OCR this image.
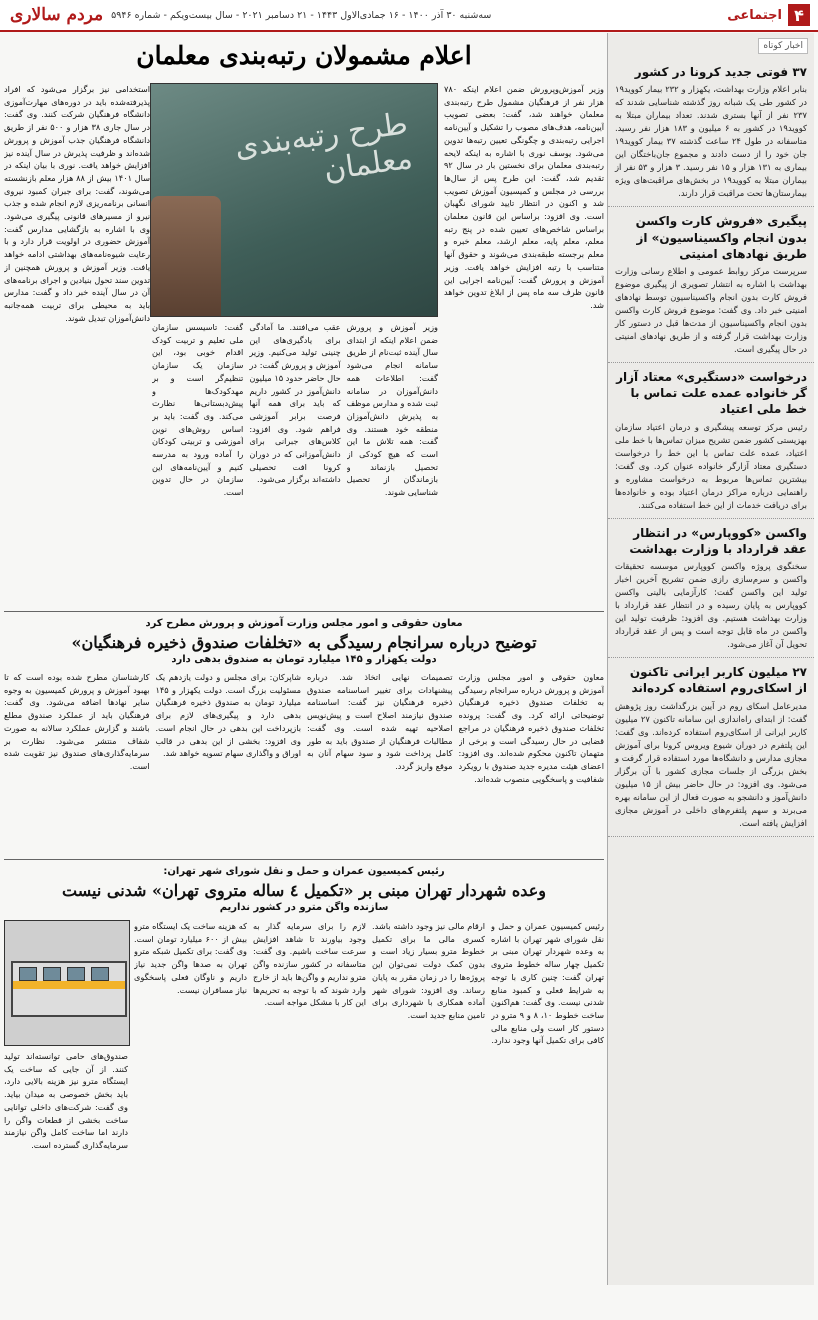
۴
اجتماعی
سه‌شنبه ۳۰ آذر ۱۴۰۰ - ۱۶ جمادی‌الاول ۱۴۴۳ - ۲۱ دسامبر ۲۰۲۱ - سال بیست‌ویکم - شماره ۵۹۴۶
مردم سالاری
اخبار کوتاه
۳۷ فوتی جدید کرونا در کشور
بنابر اعلام وزارت بهداشت، یکهزار و ۲۳۲ بیمار کووید۱۹ در کشور طی یک شبانه روز گذشته شناسایی شدند که ۲۳۷ نفر از آنها بستری شدند. تعداد بیماران مبتلا به کووید۱۹ در کشور به ۶ میلیون و ۱۸۳ هزار نفر رسید. متاسفانه در طول ۲۴ ساعت گذشته ۳۷ بیمار کووید۱۹ جان خود را از دست دادند و مجموع جان‌باختگان این بیماری به ۱۳۱ هزار و ۱۵ نفر رسید. ۳ هزار و ۵۳ نفر از بیماران مبتلا به کووید۱۹ در بخش‌های مراقبت‌های ویژه بیمارستان‌ها تحت مراقبت قرار دارند.
پیگیری «فروش کارت واکسن بدون انجام واکسیناسیون» از طریق نهادهای امنیتی
سرپرست مرکز روابط عمومی و اطلاع رسانی وزارت بهداشت با اشاره به انتشار تصویری از پیگیری موضوع فروش کارت بدون انجام واکسیناسیون توسط نهادهای امنیتی خبر داد. وی گفت: موضوع فروش کارت واکسن بدون انجام واکسیناسیون از مدت‌ها قبل در دستور کار وزارت بهداشت قرار گرفته و از طریق نهادهای امنیتی در حال پیگیری است.
درخواست «دستگیری» معتاد آزار گر خانواده عمده علت تماس با خط ملی اعتیاد
رئیس مرکز توسعه پیشگیری و درمان اعتیاد سازمان بهزیستی کشور ضمن تشریح میزان تماس‌ها با خط ملی اعتیاد، عمده علت تماس با این خط را درخواست دستگیری معتاد آزارگر خانواده عنوان کرد. وی گفت: بیشترین تماس‌ها مربوط به درخواست مشاوره و راهنمایی درباره مراکز درمان اعتیاد بوده و خانواده‌ها برای دریافت خدمات از این خط استفاده می‌کنند.
واکسن «کووپارس» در انتظار عقد قرارداد با وزارت بهداشت
سخنگوی پروژه واکسن کووپارس موسسه تحقیقات واکسن و سرم‌سازی رازی ضمن تشریح آخرین اخبار تولید این واکسن گفت: کارآزمایی بالینی واکسن کووپارس به پایان رسیده و در انتظار عقد قرارداد با وزارت بهداشت هستیم. وی افزود: ظرفیت تولید این واکسن در ماه قابل توجه است و پس از عقد قرارداد تحویل آن آغاز می‌شود.
۲۷ میلیون کاربر ایرانی تاکنون از اسکای‌روم استفاده کرده‌اند
مدیرعامل اسکای روم در آیین بزرگداشت روز پژوهش گفت: از ابتدای راه‌اندازی این سامانه تاکنون ۲۷ میلیون کاربر ایرانی از اسکای‌روم استفاده کرده‌اند. وی گفت: این پلتفرم در دوران شیوع ویروس کرونا برای آموزش مجازی مدارس و دانشگاه‌ها مورد استفاده قرار گرفت و بخش بزرگی از جلسات مجازی کشور با آن برگزار می‌شود. وی افزود: در حال حاضر بیش از ۱۵ میلیون دانش‌آموز و دانشجو به صورت فعال از این سامانه بهره می‌برند و سهم پلتفرم‌های داخلی در آموزش مجازی افزایش یافته است.
اعلام مشمولان رتبه‌بندی معلمان
وزیر آموزش‌وپرورش ضمن اعلام اینکه ۷۸۰ هزار نفر از فرهنگیان مشمول طرح رتبه‌بندی معلمان خواهند شد، گفت: بعضی تصویب آیین‌نامه، هدف‌های مصوب را تشکیل و آیین‌نامه اجرایی رتبه‌بندی و چگونگی تعیین رتبه‌ها تدوین می‌شود. یوسف نوری با اشاره به اینکه لایحه رتبه‌بندی معلمان برای نخستین بار در سال ۹۲ تقدیم شد، گفت: این طرح پس از سال‌ها بررسی در مجلس و کمیسیون آموزش تصویب شد و اکنون در انتظار تایید شورای نگهبان است. وی افزود: براساس این قانون معلمان براساس شاخص‌های تعیین شده در پنج رتبه معلم، معلم پایه، معلم ارشد، معلم خبره و معلم برجسته طبقه‌بندی می‌شوند و حقوق آنها متناسب با رتبه افزایش خواهد یافت. وزیر آموزش و پرورش گفت: آیین‌نامه اجرایی این قانون ظرف سه ماه پس از ابلاغ تدوین خواهد شد.
طرح رتبه‌بندی معلمان
وزیر آموزش و پرورش ضمن اعلام اینکه از ابتدای سال آینده ثبت‌نام از طریق سامانه انجام می‌شود گفت: اطلاعات همه دانش‌آموزان در سامانه ثبت شده و مدارس موظف به پذیرش دانش‌آموزان منطقه خود هستند. وی گفت: همه تلاش ما این است که هیچ کودکی از تحصیل بازنماند و بازماندگان از تحصیل شناسایی شوند.
عقب می‌افتند. ما آمادگی برای یادگیری‌های این چنینی تولید می‌کنیم. وزیر آموزش و پرورش گفت: در حال حاضر حدود ۱۵ میلیون دانش‌آموز در کشور داریم که باید برای همه آنها فرصت برابر آموزشی فراهم شود. وی افزود: کلاس‌های جبرانی برای دانش‌آموزانی که در دوران کرونا افت تحصیلی داشته‌اند برگزار می‌شود.
گفت: تاسیسس سازمان ملی تعلیم و تربیت کودک اقدام خوبی بود، این سازمان یک سازمان تنظیم‌گر است و بر مهدکودک‌ها و پیش‌دبستانی‌ها نظارت می‌کند. وی گفت: باید بر اساس روش‌های نوین آموزشی و تربیتی کودکان را آماده ورود به مدرسه کنیم و آیین‌نامه‌های این سازمان در حال تدوین است.
استخدامی نیز برگزار می‌شود که افراد پذیرفته‌شده باید در دوره‌های مهارت‌آموزی دانشگاه فرهنگیان شرکت کنند. وی گفت: در سال جاری ۳۸ هزار و ۵۰۰ نفر از طریق دانشگاه فرهنگیان جذب آموزش و پرورش شده‌اند و ظرفیت پذیرش در سال آینده نیز افزایش خواهد یافت. نوری با بیان اینکه در سال ۱۴۰۱ بیش از ۸۸ هزار معلم بازنشسته می‌شوند، گفت: برای جبران کمبود نیروی انسانی برنامه‌ریزی لازم انجام شده و جذب نیرو از مسیرهای قانونی پیگیری می‌شود. وی با اشاره به بازگشایی مدارس گفت: آموزش حضوری در اولویت قرار دارد و با رعایت شیوه‌نامه‌های بهداشتی ادامه خواهد یافت. وزیر آموزش و پرورش همچنین از تدوین سند تحول بنیادین و اجرای برنامه‌های آن در سال آینده خبر داد و گفت: مدارس باید به محیطی برای تربیت همه‌جانبه دانش‌آموزان تبدیل شوند.
معاون حقوقی و امور مجلس وزارت آموزش و پرورش مطرح کرد
توضیح درباره سرانجام رسیدگی به «تخلفات صندوق ذخیره فرهنگیان»
دولت یکهزار و ۱۴۵ میلیارد تومان به صندوق بدهی دارد
معاون حقوقی و امور مجلس وزارت آموزش و پرورش درباره سرانجام رسیدگی به تخلفات صندوق ذخیره فرهنگیان توضیحاتی ارائه کرد. وی گفت: پرونده تخلفات صندوق ذخیره فرهنگیان در مراجع قضایی در حال رسیدگی است و برخی از متهمان تاکنون محکوم شده‌اند. وی افزود: اعضای هیئت مدیره جدید صندوق با رویکرد شفافیت و پاسخگویی منصوب شده‌اند.
تصمیمات نهایی اتخاذ شد. درباره پیشنهادات برای تغییر اساسنامه صندوق ذخیره فرهنگیان نیز گفت: اساسنامه صندوق نیازمند اصلاح است و پیش‌نویس اصلاحیه تهیه شده است. وی گفت: مطالبات فرهنگیان از صندوق باید به طور کامل پرداخت شود و سود سهام آنان به موقع واریز گردد.
شاپرکان: برای مجلس و دولت یازدهم یک مسئولیت بزرگ است. دولت یکهزار و ۱۴۵ میلیارد تومان به صندوق ذخیره فرهنگیان بدهی دارد و پیگیری‌های لازم برای بازپرداخت این بدهی در حال انجام است. وی افزود: بخشی از این بدهی در قالب اوراق و واگذاری سهام تسویه خواهد شد.
کارشناسان مطرح شده بوده است که تا بهبود آموزش و پرورش کمیسیون به وجوه سایر نهادها اضافه می‌شود. وی گفت: فرهنگیان باید از عملکرد صندوق مطلع باشند و گزارش عملکرد سالانه به صورت شفاف منتشر می‌شود. نظارت بر سرمایه‌گذاری‌های صندوق نیز تقویت شده است.
رئیس کمیسیون عمران و حمل و نقل شورای شهر تهران:
وعده شهردار تهران مبنی بر «تکمیل ٤ ساله متروی تهران» شدنی نیست
سازنده واگن مترو در کشور نداریم
رئیس کمیسیون عمران و حمل و نقل شورای شهر تهران با اشاره به وعده شهردار تهران مبنی بر تکمیل چهار ساله خطوط متروی تهران گفت: چنین کاری با توجه به شرایط فعلی و کمبود منابع شدنی نیست. وی گفت: هم‌اکنون ساخت خطوط ۱۰، ۸ و ۹ مترو در دستور کار است ولی منابع مالی کافی برای تکمیل آنها وجود ندارد.
ارقام مالی نیز وجود داشته باشد. کسری مالی ما برای تکمیل خطوط مترو بسیار زیاد است و بدون کمک دولت نمی‌توان این پروژه‌ها را در زمان مقرر به پایان رساند. وی افزود: شورای شهر آماده همکاری با شهرداری برای تامین منابع جدید است.
لازم را برای سرمایه گذار به وجود بیاورند تا شاهد افزایش سرعت ساخت باشیم. وی گفت: متاسفانه در کشور سازنده واگن مترو نداریم و واگن‌ها باید از خارج وارد شوند که با توجه به تحریم‌ها این کار با مشکل مواجه است.
که هزینه ساخت یک ایستگاه مترو بیش از ۶۰۰ میلیارد تومان است. وی گفت: برای تکمیل شبکه مترو تهران به صدها واگن جدید نیاز داریم و ناوگان فعلی پاسخگوی نیاز مسافران نیست.
صندوق‌های حامی توانسته‌اند تولید کنند. از آن جایی که ساخت یک ایستگاه مترو نیز هزینه بالایی دارد، باید بخش خصوصی به میدان بیاید. وی گفت: شرکت‌های داخلی توانایی ساخت بخشی از قطعات واگن را دارند اما ساخت کامل واگن نیازمند سرمایه‌گذاری گسترده است.
